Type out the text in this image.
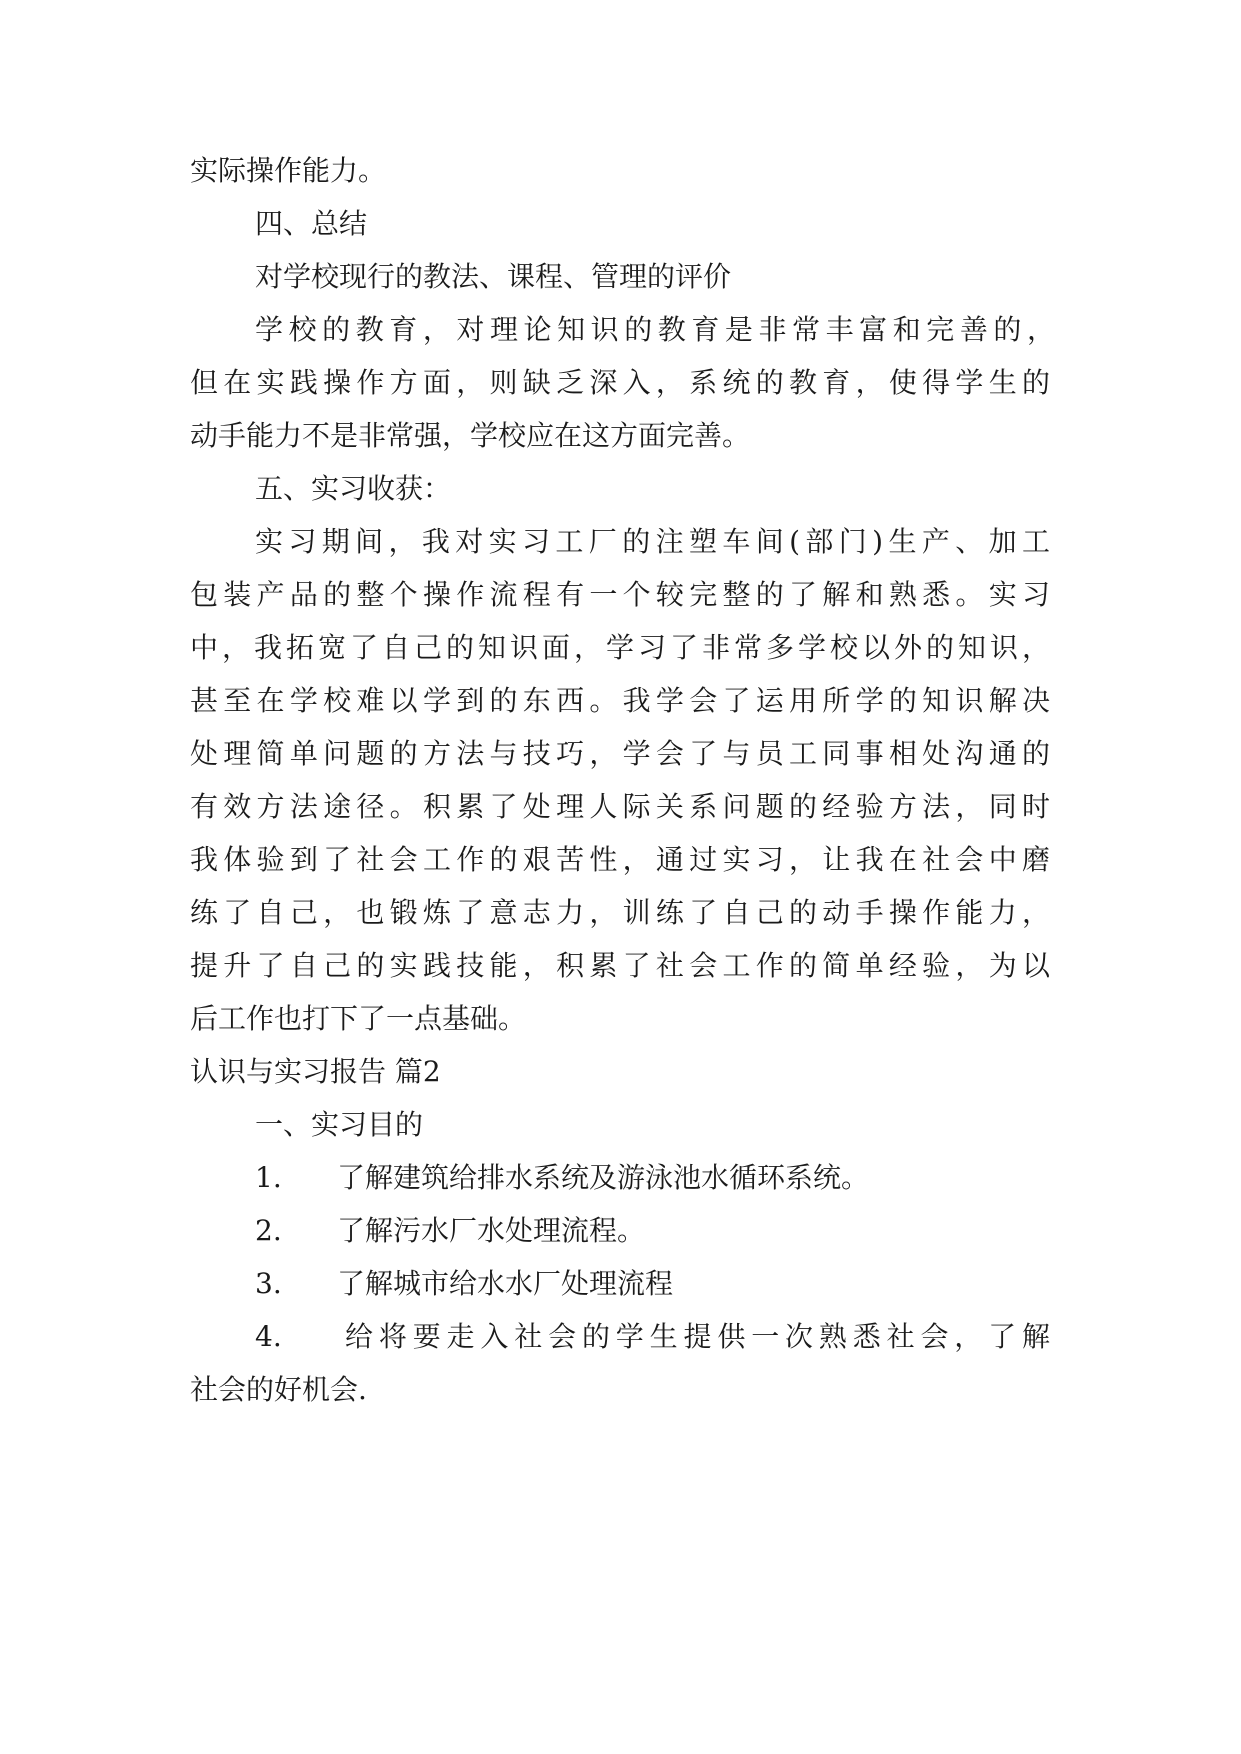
实际操作能力。
四、总结
对学校现行的教法、课程、管理的评价
学校的教育，对理论知识的教育是非常丰富和完善的，
但在实践操作方面，则缺乏深入，系统的教育，使得学生的
动手能力不是非常强，学校应在这方面完善。
五、实习收获：
实习期间，我对实习工厂的注塑车间(部门)生产、加工
包装产品的整个操作流程有一个较完整的了解和熟悉。实习
中，我拓宽了自己的知识面，学习了非常多学校以外的知识，
甚至在学校难以学到的东西。我学会了运用所学的知识解决
处理简单问题的方法与技巧，学会了与员工同事相处沟通的
有效方法途径。积累了处理人际关系问题的经验方法，同时
我体验到了社会工作的艰苦性，通过实习，让我在社会中磨
练了自己，也锻炼了意志力，训练了自己的动手操作能力，
提升了自己的实践技能，积累了社会工作的简单经验，为以
后工作也打下了一点基础。
认识与实习报告 篇2
一、实习目的
1. 了解建筑给排水系统及游泳池水循环系统。
2. 了解污水厂水处理流程。
3. 了解城市给水水厂处理流程
4. 给将要走入社会的学生提供一次熟悉社会，了解
社会的好机会.
